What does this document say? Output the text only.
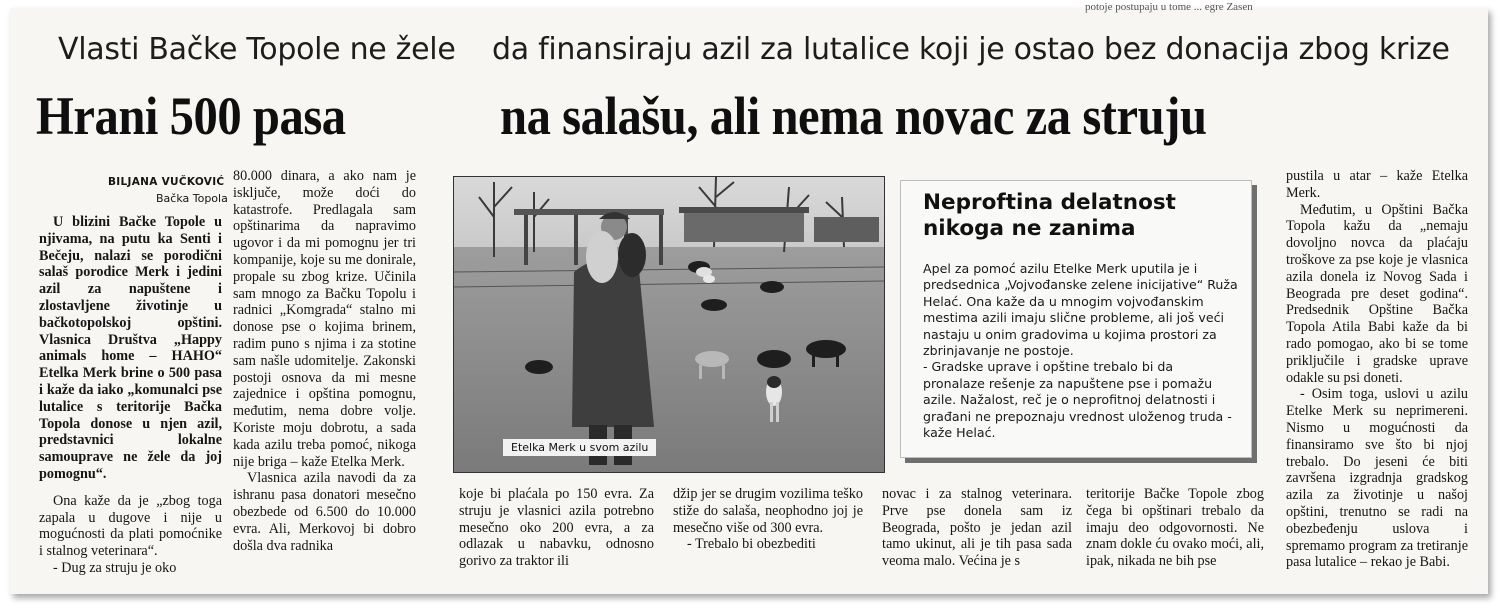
potoje postupaju u tome ... egre Zasen
Vlasti Bačke Topole ne žele da finansiraju azil za lutalice koji je ostao bez donacija zbog krize
Hrani 500 pasa	na salašu, ali nema novac za struju
BILJANA VUČKOVIĆ
Bačka Topola

U blizini Bačke Topole u njivama, na putu ka Senti i Bečeju, nalazi se porodični salaš porodice Merk i jedini azil za napuštene i zlostavljene životinje u bačkotopolskoj opštini. Vlasnica Društva „Happy animals home – HAHO“ Etelka Merk brine o 500 pasa i kaže da iako „komunalci pse lutalice s teritorije Bačka Topola donose u njen azil, predstavnici lokalne samouprave ne žele da joj pomognu“.

Ona kaže da je „zbog toga zapala u dugove i nije u mogućnosti da plati pomoćnike i stalnog veterinara“.

- Dug za struju je oko

80.000 dinara, a ako nam je isključe, može doći do katastrofe. Predlagala sam opštinarima da napravimo ugovor i da mi pomognu jer tri kompanije, koje su me donirale, propale su zbog krize. Učinila sam mnogo za Bačku Topolu i radnici „Komgrada“ stalno mi donose pse o kojima brinem, radim puno s njima i za stotine sam našle udomitelje. Zakonski postoji osnova da mi mesne zajednice i opština pomognu, međutim, nema dobre volje. Koriste moju dobrotu, a sada kada azilu treba pomoć, nikoga nije briga – kaže Etelka Merk.

Vlasnica azila navodi da za ishranu pasa donatori mesečno obezbede od 6.500 do 10.000 evra. Ali, Merkovoj bi dobro došla dva radnika

Etelka Merk u svom azilu
Neproftina delatnost
nikoga ne zanima

Apel za pomoć azilu Etelke Merk uputila je i predsednica „Vojvođanske zelene inicijative“ Ruža Helać. Ona kaže da u mnogim vojvođanskim mestima azili imaju slične probleme, ali još veći nastaju u onim gradovima u kojima prostori za zbrinjavanje ne postoje.

- Gradske uprave i opštine trebalo bi da pronalaze rešenje za napuštene pse i pomažu azile. Nažalost, reč je o neprofitnoj delatnosti i građani ne prepoznaju vrednost uloženog truda - kaže Helać.

koje bi plaćala po 150 evra. Za struju je vlasnici azila potrebno mesečno oko 200 evra, a za odlazak u nabavku, odnosno gorivo za traktor ili

džip jer se drugim vozilima teško stiže do salaša, neophodno joj je mesečno više od 300 evra.

- Trebalo bi obezbediti

novac i za stalnog veterinara. Prve pse donela sam iz Beograda, pošto je jedan azil tamo ukinut, ali je tih pasa sada veoma malo. Većina je s

teritorije Bačke Topole zbog čega bi opštinari trebalo da imaju deo odgovornosti. Ne znam dokle ću ovako moći, ali, ipak, nikada ne bih pse

pustila u atar – kaže Etelka Merk.

Međutim, u Opštini Bačka Topola kažu da „nemaju dovoljno novca da plaćaju troškove za pse koje je vlasnica azila donela iz Novog Sada i Beograda pre deset godina“. Predsednik Opštine Bačka Topola Atila Babi kaže da bi rado pomogao, ako bi se tome priključile i gradske uprave odakle su psi doneti.

- Osim toga, uslovi u azilu Etelke Merk su neprimereni. Nismo u mogućnosti da finansiramo sve što bi njoj trebalo. Do jeseni će biti završena izgradnja gradskog azila za životinje u našoj opštini, trenutno se radi na obezbeđenju uslova i spremamo program za tretiranje pasa lutalice – rekao je Babi.
